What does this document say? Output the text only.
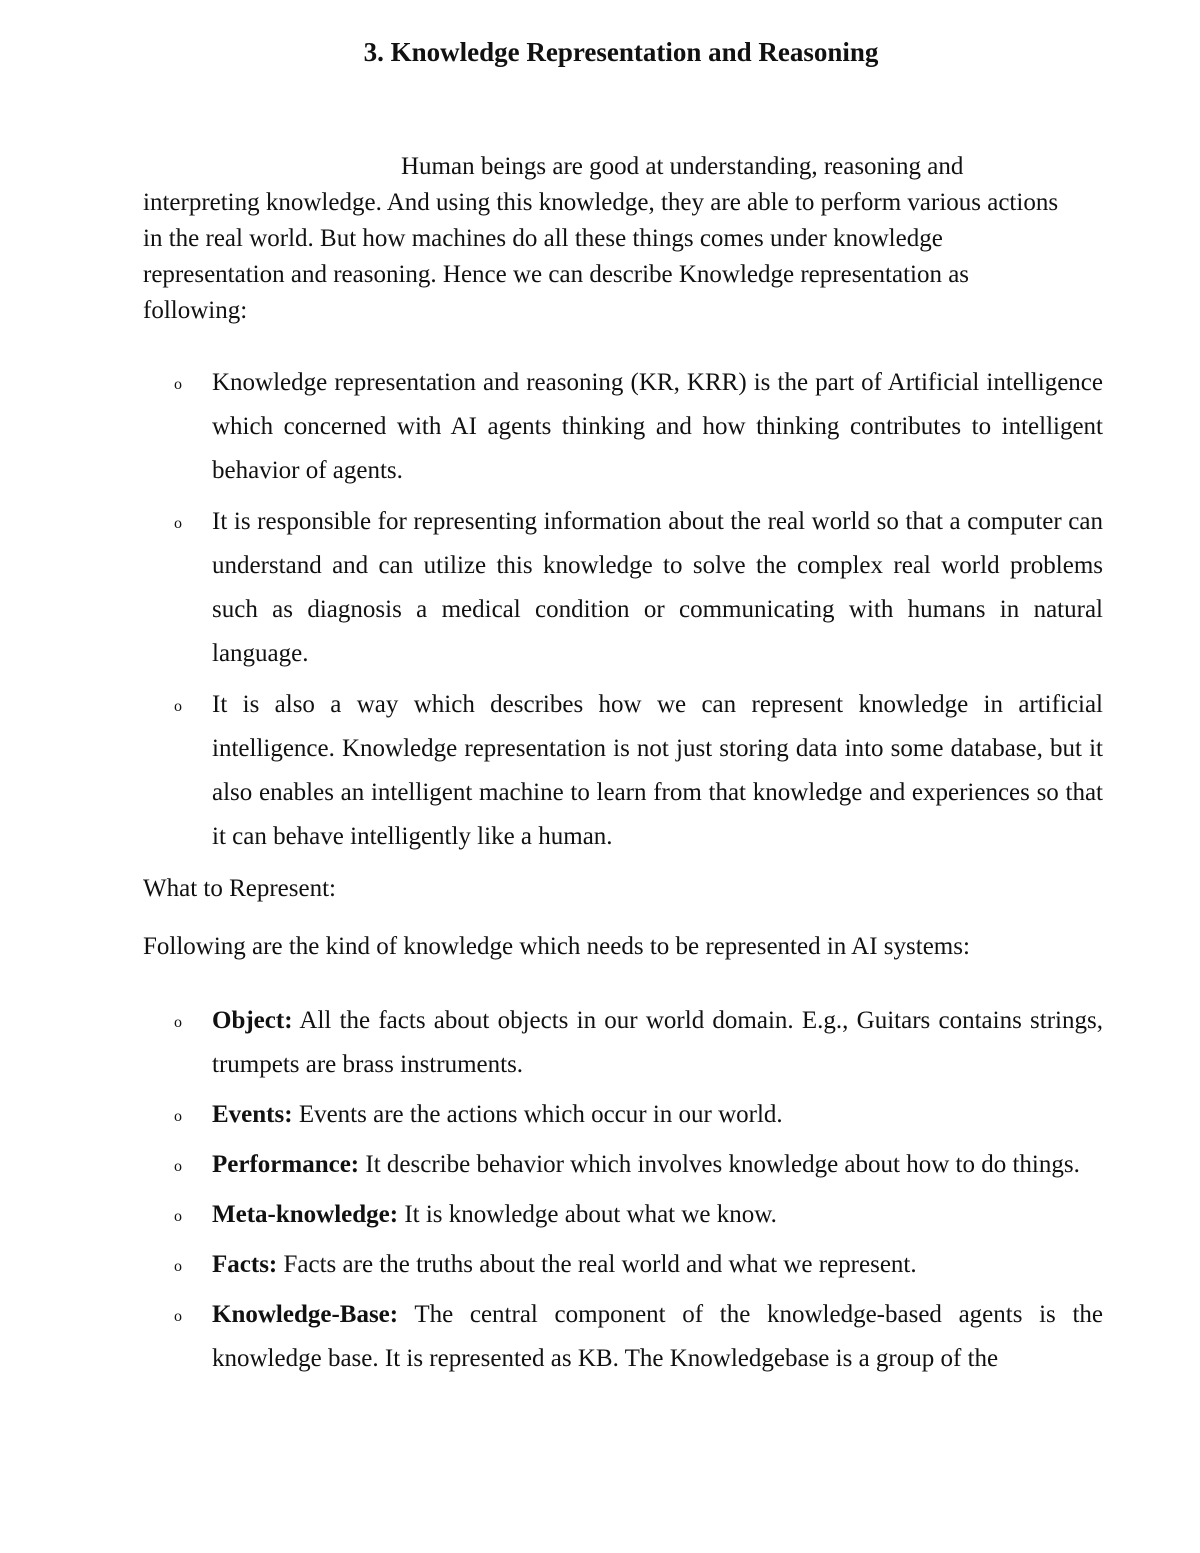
3. Knowledge Representation and Reasoning

Human beings are good at understanding, reasoning and interpreting knowledge. And using this knowledge, they are able to perform various actions in the real world. But how machines do all these things comes under knowledge representation and reasoning. Hence we can describe Knowledge representation as following:

o Knowledge representation and reasoning (KR, KRR) is the part of Artificial intelligence which concerned with AI agents thinking and how thinking contributes to intelligent behavior of agents.
o It is responsible for representing information about the real world so that a computer can understand and can utilize this knowledge to solve the complex real world problems such as diagnosis a medical condition or communicating with humans in natural language.
o It is also a way which describes how we can represent knowledge in artificial intelligence. Knowledge representation is not just storing data into some database, but it also enables an intelligent machine to learn from that knowledge and experiences so that it can behave intelligently like a human.

What to Represent:

Following are the kind of knowledge which needs to be represented in AI systems:

o Object: All the facts about objects in our world domain. E.g., Guitars contains strings, trumpets are brass instruments.
o Events: Events are the actions which occur in our world.
o Performance: It describe behavior which involves knowledge about how to do things.
o Meta-knowledge: It is knowledge about what we know.
o Facts: Facts are the truths about the real world and what we represent.
o Knowledge-Base: The central component of the knowledge-based agents is the knowledge base. It is represented as KB. The Knowledgebase is a group of the
